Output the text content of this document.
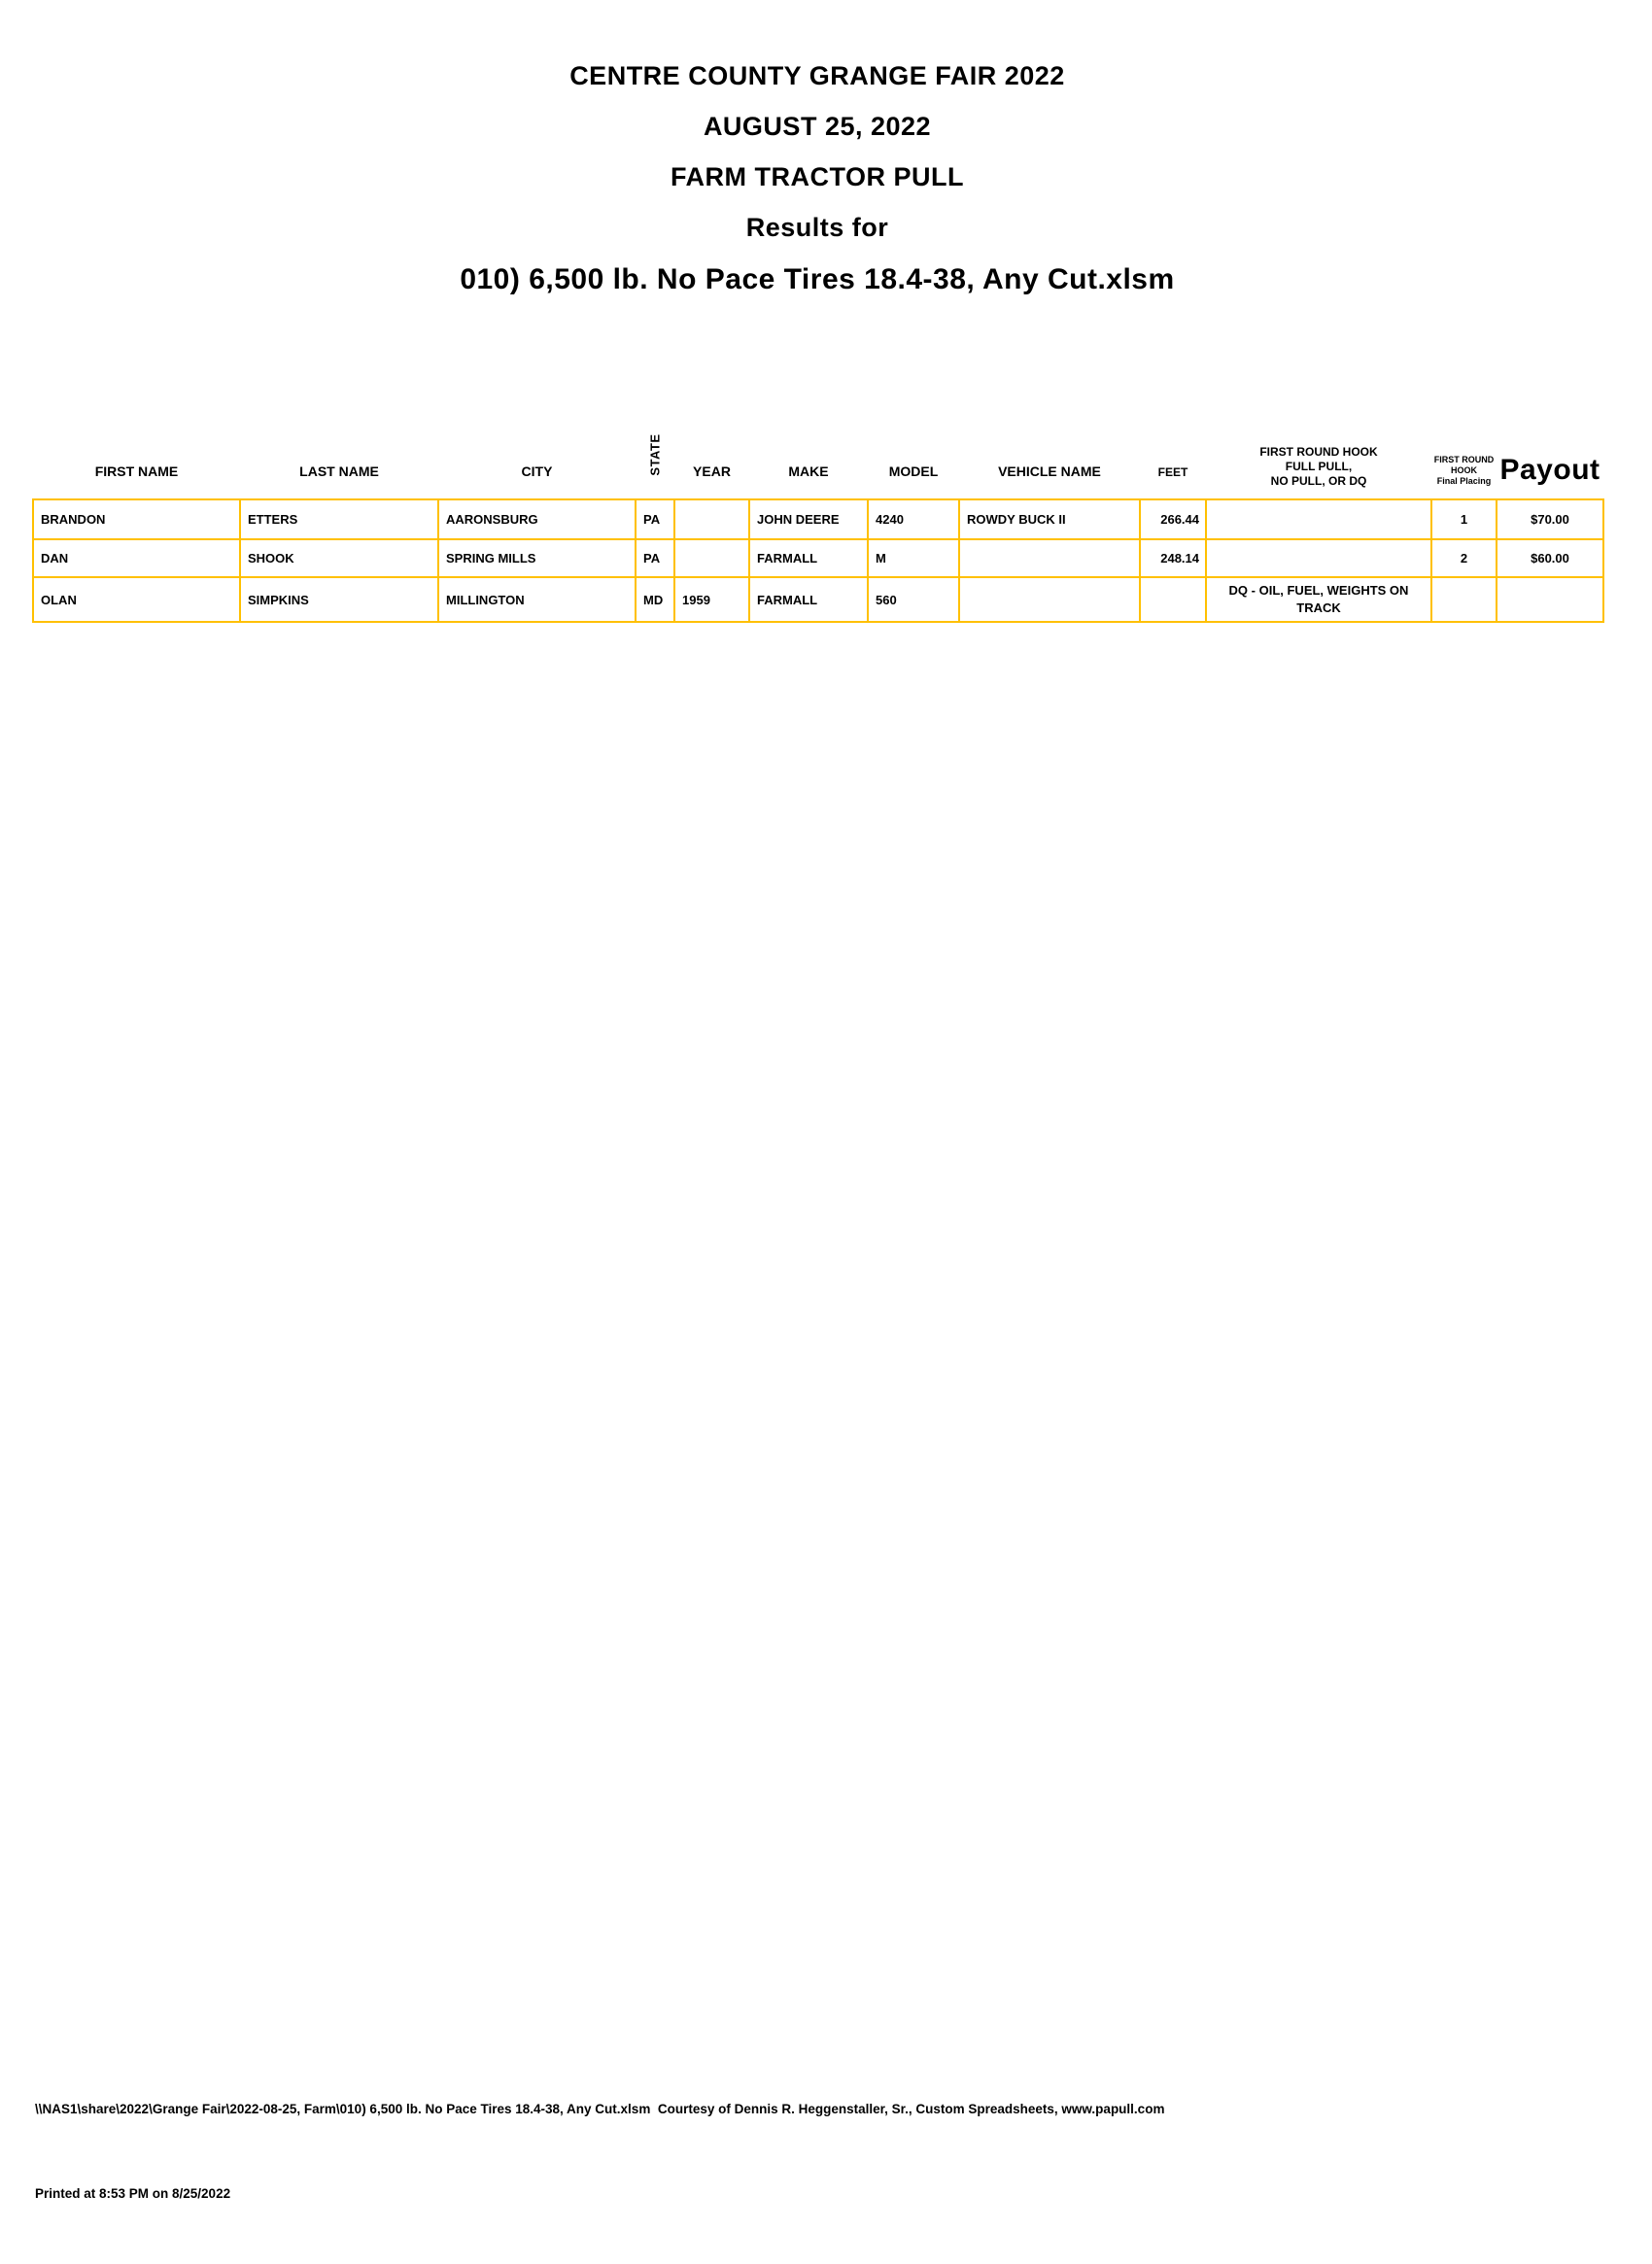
CENTRE COUNTY GRANGE FAIR 2022
AUGUST 25, 2022
FARM TRACTOR PULL
Results for
010) 6,500 lb. No Pace Tires 18.4-38, Any Cut.xlsm
FIRST NAME	LAST NAME	CITY	STATE	YEAR	MAKE	MODEL	VEHICLE NAME	FEET	FIRST ROUND HOOK
FULL PULL,
NO PULL, OR DQ	FIRST ROUND
HOOK
Final Placing	Payout
BRANDON	ETTERS	AARONSBURG	PA		JOHN DEERE	4240	ROWDY BUCK II	266.44		1	$70.00
DAN	SHOOK	SPRING MILLS	PA		FARMALL	M		248.14		2	$60.00
OLAN	SIMPKINS	MILLINGTON	MD	1959	FARMALL	560			DQ - OIL, FUEL, WEIGHTS ON TRACK		

\\NAS1\share\2022\Grange Fair\2022-08-25, Farm\010) 6,500 lb. No Pace Tires 18.4-38, Any Cut.xlsm  Courtesy of Dennis R. Heggenstaller, Sr., Custom Spreadsheets, www.papull.com

Printed at 8:53 PM on 8/25/2022
